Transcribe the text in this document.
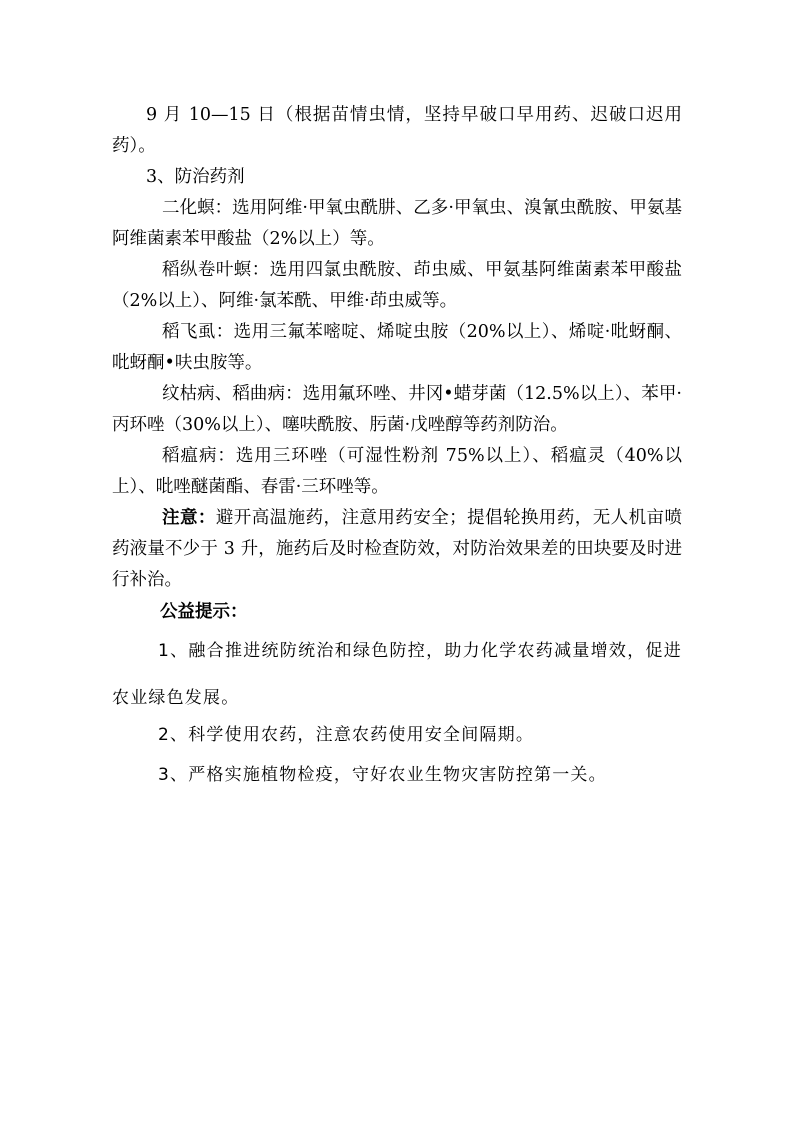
9 月 10—15 日（根据苗情虫情，坚持早破口早用药、迟破口迟用药）。

3、防治药剂

二化螟：选用阿维·甲氧虫酰肼、乙多·甲氧虫、溴氰虫酰胺、甲氨基阿维菌素苯甲酸盐（2%以上）等。

稻纵卷叶螟：选用四氯虫酰胺、茚虫威、甲氨基阿维菌素苯甲酸盐（2%以上）、阿维·氯苯酰、甲维·茚虫威等。

稻飞虱：选用三氟苯嘧啶、烯啶虫胺（20%以上）、烯啶·吡蚜酮、吡蚜酮•呋虫胺等。

纹枯病、稻曲病：选用氟环唑、井冈•蜡芽菌（12.5%以上）、苯甲·丙环唑（30%以上）、噻呋酰胺、肟菌·戊唑醇等药剂防治。

稻瘟病：选用三环唑（可湿性粉剂 75%以上）、稻瘟灵（40%以上）、吡唑醚菌酯、春雷·三环唑等。

注意：避开高温施药，注意用药安全；提倡轮换用药，无人机亩喷药液量不少于 3 升，施药后及时检查防效，对防治效果差的田块要及时进行补治。

公益提示：

1、融合推进统防统治和绿色防控，助力化学农药减量增效，促进农业绿色发展。

2、科学使用农药，注意农药使用安全间隔期。

3、严格实施植物检疫，守好农业生物灾害防控第一关。
